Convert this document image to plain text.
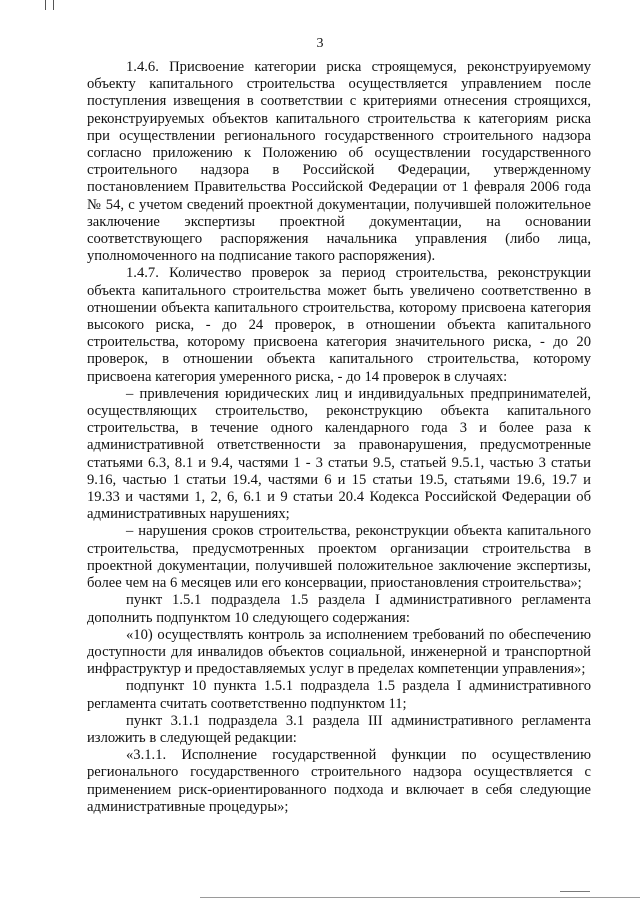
3

1.4.6. Присвоение категории риска строящемуся, реконструируемому объекту капитального строительства осуществляется управлением после поступления извещения в соответствии с критериями отнесения строящихся, реконструируемых объектов капитального строительства к категориям риска при осуществлении регионального государственного строительного надзора согласно приложению к Положению об осуществлении государственного строительного надзора в Российской Федерации, утвержденному постановлением Правительства Российской Федерации от 1 февраля 2006 года № 54, с учетом сведений проектной документации, получившей положительное заключение экспертизы проектной документации, на основании соответствующего распоряжения начальника управления (либо лица, уполномоченного на подписание такого распоряжения).

1.4.7. Количество проверок за период строительства, реконструкции объекта капитального строительства может быть увеличено соответственно в отношении объекта капитального строительства, которому присвоена категория высокого риска, - до 24 проверок, в отношении объекта капитального строительства, которому присвоена категория значительного риска, - до 20 проверок, в отношении объекта капитального строительства, которому присвоена категория умеренного риска, - до 14 проверок в случаях:

– привлечения юридических лиц и индивидуальных предпринимателей, осуществляющих строительство, реконструкцию объекта капитального строительства, в течение одного календарного года 3 и более раза к административной ответственности за правонарушения, предусмотренные статьями 6.3, 8.1 и 9.4, частями 1 - 3 статьи 9.5, статьей 9.5.1, частью 3 статьи 9.16, частью 1 статьи 19.4, частями 6 и 15 статьи 19.5, статьями 19.6, 19.7 и 19.33 и частями 1, 2, 6, 6.1 и 9 статьи 20.4 Кодекса Российской Федерации об административных нарушениях;

– нарушения сроков строительства, реконструкции объекта капитального строительства, предусмотренных проектом организации строительства в проектной документации, получившей положительное заключение экспертизы, более чем на 6 месяцев или его консервации, приостановления строительства»;

пункт 1.5.1 подраздела 1.5 раздела I административного регламента дополнить подпунктом 10 следующего содержания:

«10) осуществлять контроль за исполнением требований по обеспечению доступности для инвалидов объектов социальной, инженерной и транспортной инфраструктур и предоставляемых услуг в пределах компетенции управления»;

подпункт 10 пункта 1.5.1 подраздела 1.5 раздела I административного регламента считать соответственно подпунктом 11;

пункт 3.1.1 подраздела 3.1 раздела III административного регламента изложить в следующей редакции:

«3.1.1. Исполнение государственной функции по осуществлению регионального государственного строительного надзора осуществляется с применением риск-ориентированного подхода и включает в себя следующие административные процедуры»;
